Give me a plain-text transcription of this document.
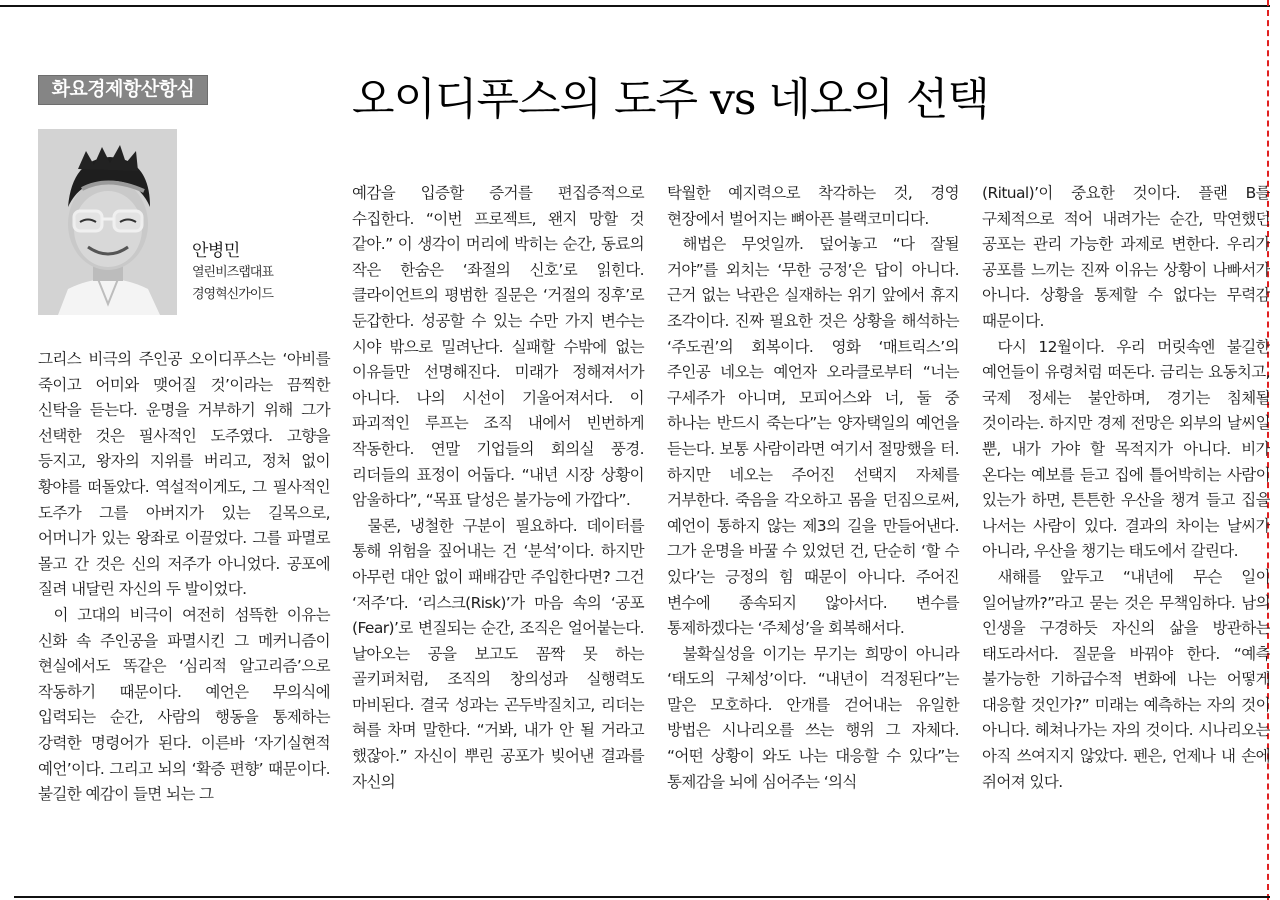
화요경제항산항심	오이디푸스의 도주 vs 네오의 선택
안병민
열린비즈랩대표
경영혁신가이드

그리스 비극의 주인공 오이디푸스는 ‘아비를 죽이고 어미와 맺어질 것’이라는 끔찍한 신탁을 듣는다. 운명을 거부하기 위해 그가 선택한 것은 필사적인 도주였다. 고향을 등지고, 왕자의 지위를 버리고, 정처 없이 황야를 떠돌았다. 역설적이게도, 그 필사적인 도주가 그를 아버지가 있는 길목으로, 어머니가 있는 왕좌로 이끌었다. 그를 파멸로 몰고 간 것은 신의 저주가 아니었다. 공포에 질려 내달린 자신의 두 발이었다.

이 고대의 비극이 여전히 섬뜩한 이유는 신화 속 주인공을 파멸시킨 그 메커니즘이 현실에서도 똑같은 ‘심리적 알고리즘’으로 작동하기 때문이다. 예언은 무의식에 입력되는 순간, 사람의 행동을 통제하는 강력한 명령어가 된다. 이른바 ‘자기실현적 예언’이다. 그리고 뇌의 ‘확증 편향’ 때문이다. 불길한 예감이 들면 뇌는 그

예감을 입증할 증거를 편집증적으로 수집한다. “이번 프로젝트, 왠지 망할 것 같아.” 이 생각이 머리에 박히는 순간, 동료의 작은 한숨은 ‘좌절의 신호’로 읽힌다. 클라이언트의 평범한 질문은 ‘거절의 징후’로 둔갑한다. 성공할 수 있는 수만 가지 변수는 시야 밖으로 밀려난다. 실패할 수밖에 없는 이유들만 선명해진다. 미래가 정해져서가 아니다. 나의 시선이 기울어져서다. 이 파괴적인 루프는 조직 내에서 빈번하게 작동한다. 연말 기업들의 회의실 풍경. 리더들의 표정이 어둡다. “내년 시장 상황이 암울하다”, “목표 달성은 불가능에 가깝다”.

물론, 냉철한 구분이 필요하다. 데이터를 통해 위험을 짚어내는 건 ‘분석’이다. 하지만 아무런 대안 없이 패배감만 주입한다면? 그건 ‘저주’다. ‘리스크(Risk)’가 마음 속의 ‘공포(Fear)’로 변질되는 순간, 조직은 얼어붙는다. 날아오는 공을 보고도 꼼짝 못 하는 골키퍼처럼, 조직의 창의성과 실행력도 마비된다. 결국 성과는 곤두박질치고, 리더는 혀를 차며 말한다. “거봐, 내가 안 될 거라고 했잖아.” 자신이 뿌린 공포가 빚어낸 결과를 자신의

탁월한 예지력으로 착각하는 것, 경영 현장에서 벌어지는 뼈아픈 블랙코미디다.

해법은 무엇일까. 덮어놓고 “다 잘될 거야”를 외치는 ‘무한 긍정’은 답이 아니다. 근거 없는 낙관은 실재하는 위기 앞에서 휴지 조각이다. 진짜 필요한 것은 상황을 해석하는 ‘주도권’의 회복이다. 영화 ‘매트릭스’의 주인공 네오는 예언자 오라클로부터 “너는 구세주가 아니며, 모피어스와 너, 둘 중 하나는 반드시 죽는다”는 양자택일의 예언을 듣는다. 보통 사람이라면 여기서 절망했을 터. 하지만 네오는 주어진 선택지 자체를 거부한다. 죽음을 각오하고 몸을 던짐으로써, 예언이 통하지 않는 제3의 길을 만들어낸다. 그가 운명을 바꿀 수 있었던 건, 단순히 ‘할 수 있다’는 긍정의 힘 때문이 아니다. 주어진 변수에 종속되지 않아서다. 변수를 통제하겠다는 ‘주체성’을 회복해서다.

불확실성을 이기는 무기는 희망이 아니라 ‘태도의 구체성’이다. “내년이 걱정된다”는 말은 모호하다. 안개를 걷어내는 유일한 방법은 시나리오를 쓰는 행위 그 자체다. “어떤 상황이 와도 나는 대응할 수 있다”는 통제감을 뇌에 심어주는 ‘의식

(Ritual)’이 중요한 것이다. 플랜 B를 구체적으로 적어 내려가는 순간, 막연했던 공포는 관리 가능한 과제로 변한다. 우리가 공포를 느끼는 진짜 이유는 상황이 나빠서가 아니다. 상황을 통제할 수 없다는 무력감 때문이다.

다시 12월이다. 우리 머릿속엔 불길한 예언들이 유령처럼 떠돈다. 금리는 요동치고, 국제 정세는 불안하며, 경기는 침체될 것이라는. 하지만 경제 전망은 외부의 날씨일 뿐, 내가 가야 할 목적지가 아니다. 비가 온다는 예보를 듣고 집에 틀어박히는 사람이 있는가 하면, 튼튼한 우산을 챙겨 들고 집을 나서는 사람이 있다. 결과의 차이는 날씨가 아니라, 우산을 챙기는 태도에서 갈린다.

새해를 앞두고 “내년에 무슨 일이 일어날까?”라고 묻는 것은 무책임하다. 남의 인생을 구경하듯 자신의 삶을 방관하는 태도라서다. 질문을 바꿔야 한다. “예측 불가능한 기하급수적 변화에 나는 어떻게 대응할 것인가?” 미래는 예측하는 자의 것이 아니다. 헤쳐나가는 자의 것이다. 시나리오는 아직 쓰여지지 않았다. 펜은, 언제나 내 손에 쥐어져 있다.
